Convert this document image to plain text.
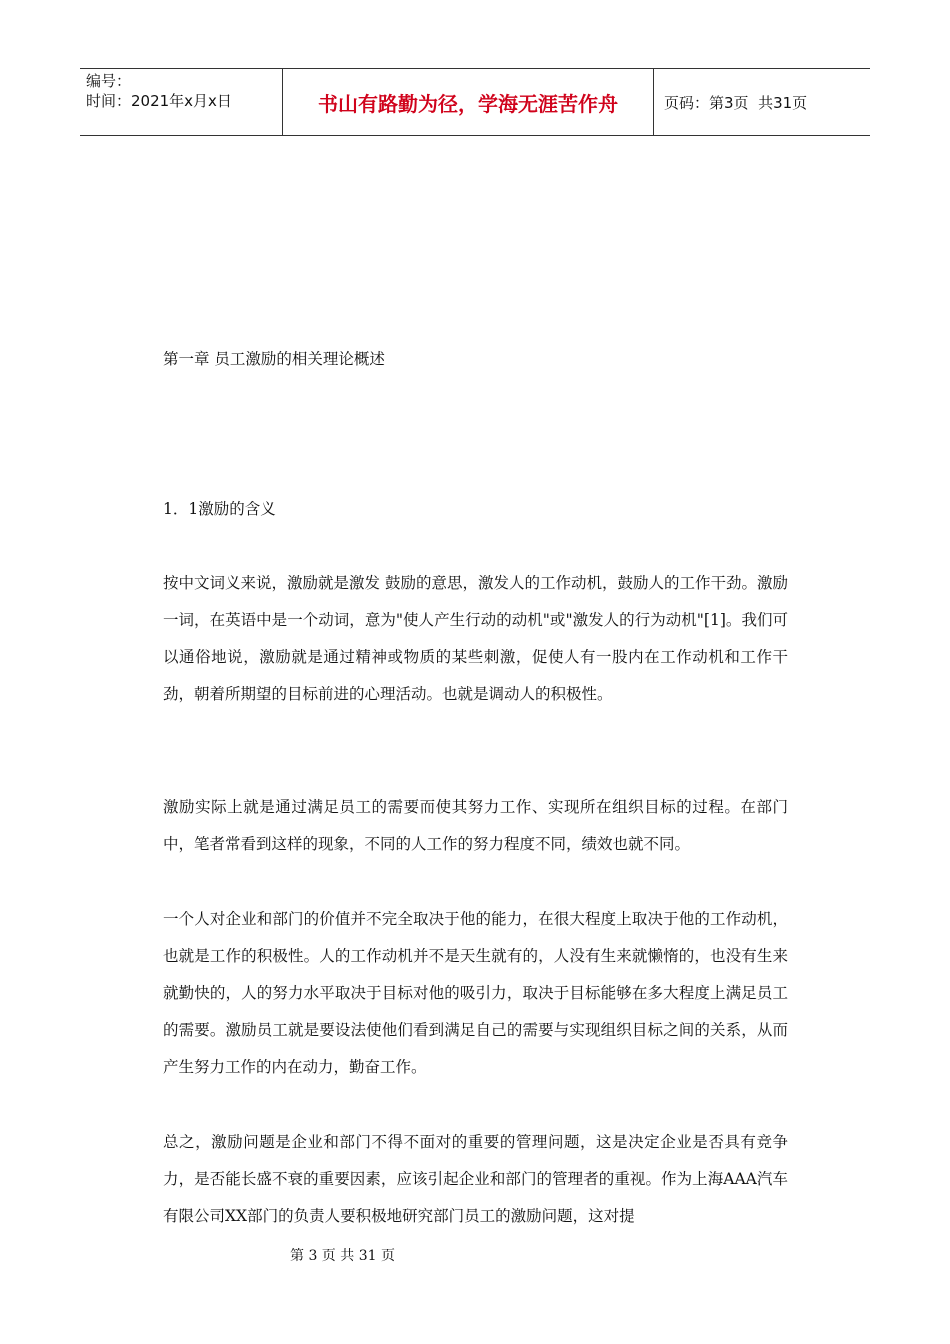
编号：
时间：2021年x月x日	书山有路勤为径，学海无涯苦作舟	页码：第3页  共31页
第一章 员工激励的相关理论概述
1．1激励的含义

按中文词义来说，激励就是激发 鼓励的意思，激发人的工作动机，鼓励人的工作干劲。激励一词，在英语中是一个动词，意为"使人产生行动的动机"或"激发人的行为动机"[1]。我们可以通俗地说，激励就是通过精神或物质的某些刺激，促使人有一股内在工作动机和工作干劲，朝着所期望的目标前进的心理活动。也就是调动人的积极性。

激励实际上就是通过满足员工的需要而使其努力工作、实现所在组织目标的过程。在部门中，笔者常看到这样的现象，不同的人工作的努力程度不同，绩效也就不同。

一个人对企业和部门的价值并不完全取决于他的能力，在很大程度上取决于他的工作动机，也就是工作的积极性。人的工作动机并不是天生就有的，人没有生来就懒惰的，也没有生来就勤快的，人的努力水平取决于目标对他的吸引力，取决于目标能够在多大程度上满足员工的需要。激励员工就是要设法使他们看到满足自己的需要与实现组织目标之间的关系，从而产生努力工作的内在动力，勤奋工作。

总之，激励问题是企业和部门不得不面对的重要的管理问题，这是决定企业是否具有竞争力，是否能长盛不衰的重要因素，应该引起企业和部门的管理者的重视。作为上海AAA汽车有限公司XX部门的负责人要积极地研究部门员工的激励问题，这对提

第 3 页 共 31 页
